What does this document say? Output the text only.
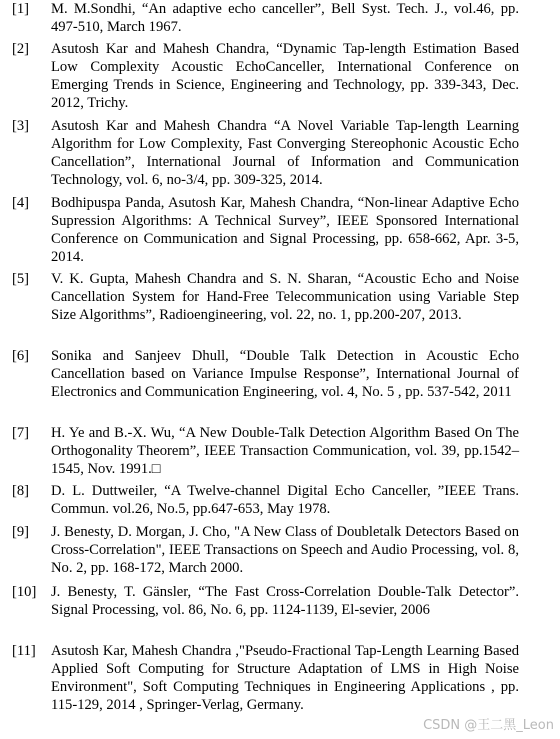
[1] M. M.Sondhi, “An adaptive echo canceller”, Bell Syst. Tech. J., vol.46, pp. 497-510, March 1967.
[2] Asutosh Kar and Mahesh Chandra, “Dynamic Tap-length Estimation Based Low Complexity Acoustic EchoCanceller, International Conference on Emerging Trends in Science, Engineering and Technology, pp. 339-343, Dec. 2012, Trichy.
[3] Asutosh Kar and Mahesh Chandra “A Novel Variable Tap-length Learning Algorithm for Low Complexity, Fast Converging Stereophonic Acoustic Echo Cancellation”, International Journal of Information and Communication Technology, vol. 6, no-3/4, pp. 309-325, 2014.
[4] Bodhipuspa Panda, Asutosh Kar, Mahesh Chandra, “Non-linear Adaptive Echo Supression Algorithms: A Technical Survey”, IEEE Sponsored International Conference on Communication and Signal Processing, pp. 658-662, Apr. 3-5, 2014.
[5] V. K. Gupta, Mahesh Chandra and S. N. Sharan, “Acoustic Echo and Noise Cancellation System for Hand-Free Telecommunication using Variable Step Size Algorithms”, Radioengineering, vol. 22, no. 1, pp.200-207, 2013.
[6] Sonika and Sanjeev Dhull, “Double Talk Detection in Acoustic Echo Cancellation based on Variance Impulse Response”, International Journal of Electronics and Communication Engineering, vol. 4, No. 5 , pp. 537-542, 2011
[7] H. Ye and B.-X. Wu, “A New Double-Talk Detection Algorithm Based On The Orthogonality Theorem”, IEEE Transaction Communication, vol. 39, pp.1542–1545, Nov. 1991.□
[8] D. L. Duttweiler, “A Twelve-channel Digital Echo Canceller, ”IEEE Trans. Commun. vol.26, No.5, pp.647-653, May 1978.
[9] J. Benesty, D. Morgan, J. Cho, "A New Class of Doubletalk Detectors Based on Cross-Correlation", IEEE Transactions on Speech and Audio Processing, vol. 8, No. 2, pp. 168-172, March 2000.
[10] J. Benesty, T. Gänsler, “The Fast Cross-Correlation Double-Talk Detector”. Signal Processing, vol. 86, No. 6, pp. 1124-1139, El-sevier, 2006
[11] Asutosh Kar, Mahesh Chandra ,"Pseudo-Fractional Tap-Length Learning Based Applied Soft Computing for Structure Adaptation of LMS in High Noise Environment", Soft Computing Techniques in Engineering Applications , pp. 115-129, 2014 , Springer-Verlag, Germany.
CSDN @王二黑_Leon
